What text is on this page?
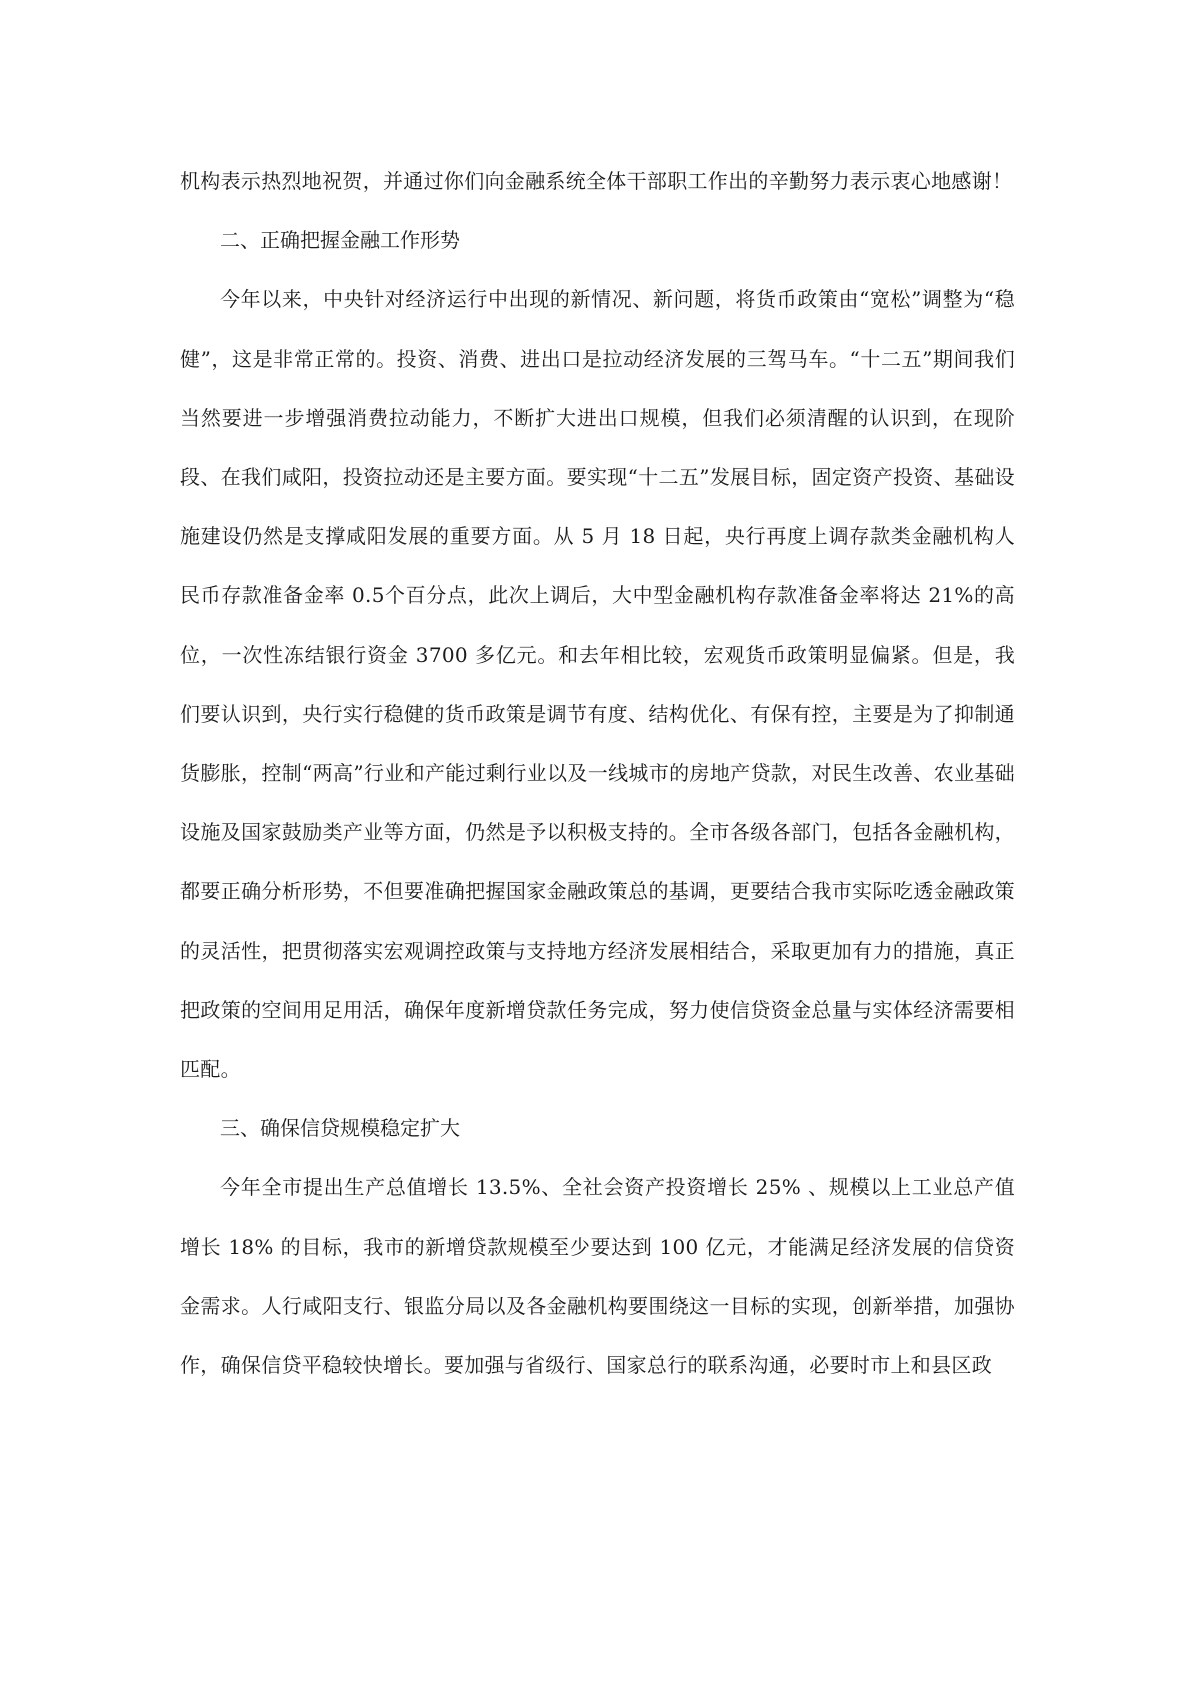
机构表示热烈地祝贺，并通过你们向金融系统全体干部职工作出的辛勤努力表示衷心地感谢！

二、正确把握金融工作形势

今年以来，中央针对经济运行中出现的新情况、新问题，将货币政策由“宽松”调整为“稳健”，这是非常正常的。投资、消费、进出口是拉动经济发展的三驾马车。“十二五”期间我们当然要进一步增强消费拉动能力，不断扩大进出口规模，但我们必须清醒的认识到，在现阶段、在我们咸阳，投资拉动还是主要方面。要实现“十二五”发展目标，固定资产投资、基础设施建设仍然是支撑咸阳发展的重要方面。从 5 月 18 日起，央行再度上调存款类金融机构人民币存款准备金率 0.5个百分点，此次上调后，大中型金融机构存款准备金率将达 21%的高位，一次性冻结银行资金 3700 多亿元。和去年相比较，宏观货币政策明显偏紧。但是，我们要认识到，央行实行稳健的货币政策是调节有度、结构优化、有保有控，主要是为了抑制通货膨胀，控制“两高”行业和产能过剩行业以及一线城市的房地产贷款，对民生改善、农业基础设施及国家鼓励类产业等方面，仍然是予以积极支持的。全市各级各部门，包括各金融机构，都要正确分析形势，不但要准确把握国家金融政策总的基调，更要结合我市实际吃透金融政策的灵活性，把贯彻落实宏观调控政策与支持地方经济发展相结合，采取更加有力的措施，真正把政策的空间用足用活，确保年度新增贷款任务完成，努力使信贷资金总量与实体经济需要相匹配。

三、确保信贷规模稳定扩大

今年全市提出生产总值增长 13.5%、全社会资产投资增长 25% 、规模以上工业总产值增长 18% 的目标，我市的新增贷款规模至少要达到 100 亿元，才能满足经济发展的信贷资金需求。人行咸阳支行、银监分局以及各金融机构要围绕这一目标的实现，创新举措，加强协作，确保信贷平稳较快增长。要加强与省级行、国家总行的联系沟通，必要时市上和县区政
